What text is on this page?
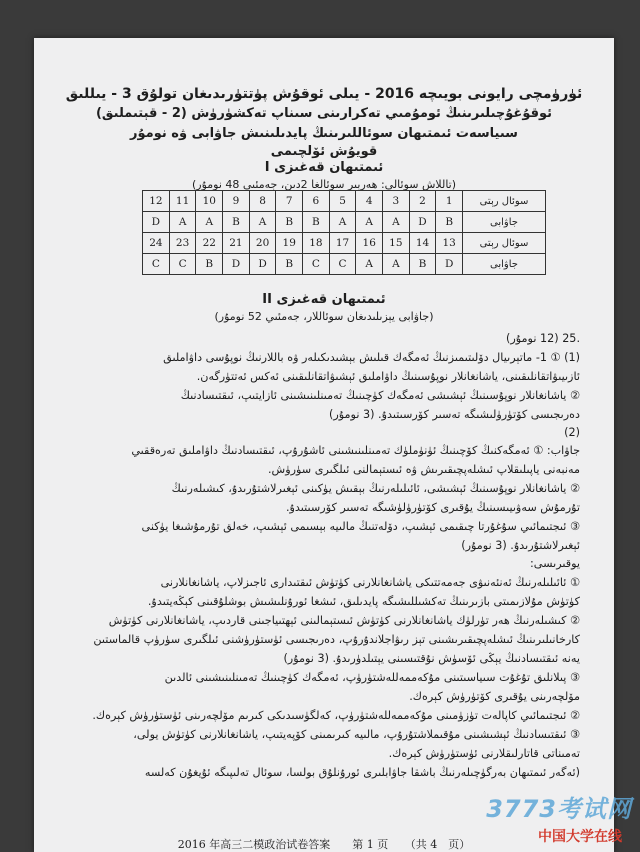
ئۈرۈمچى رايونى بويىچە 2016 - يىلى ئوقۇش پۈتتۈرىدىغان تولۇق 3 - يىللىق
ئوقۇغۇچىلىرىنىڭ ئومۇمىي تەكرارىنى سىناپ تەكشۈرۈش (2 - قېتىملىق)
سىياسەت ئىمتىھان سوئاللىرىنىڭ پايدىلىنىش جاۋابى ۋە نومۇر
قويۇش ئۆلچىمى
I ئىمتىھان قەغىزى
(تاللاش سوئالى: ھەربىر سوئالغا 2دىن، جەمئىي 48 نومۇر)
سوئال رېتى	1	2	3	4	5	6	7	8	9	10	11	12
جاۋابى	B	D	A	A	A	B	B	A	B	A	A	D
سوئال رېتى	13	14	15	16	17	18	19	20	21	22	23	24
جاۋابى	D	B	A	A	C	C	B	D	D	B	C	C
II ئىمتىھان قەغىزى
(جاۋابى يېزىلىدىغان سوئاللار، جەمئىي 52 نومۇر)
.25 (12 نومۇر)
(1) ① 1- ماتېرىيال دۆلىتىمىزنىڭ ئەمگەك قىلىش بېشىدىكىلەر ۋە باللارنىڭ نوپۇسى داۋاملىق
ئازىيىۋاتقانلىقىنى، ياشانغانلار نوپۇسىنىڭ داۋاملىق ئېشىۋاتقانلىقىنى ئەكس ئەتتۈرگەن.
② ياشانغانلار نوپۇسىنىڭ ئېشىشى ئەمگەك كۈچىنىڭ تەمىنلىنىشىنى ئازايتىپ، ئىقتىسادنىڭ
دەرىجىسى كۆتۈرۈلىشىگە تەسىر كۆرسىتىدۇ. (3 نومۇر)
(2)
جاۋاب: ① ئەمگەكنىڭ كۆچىنىڭ ئۈنۈملۈك تەمىنلىنىشىنى ئاشۇرۇپ، ئىقتىسادنىڭ داۋاملىق تەرەققىي
مەنبەنى ياپىلىقلاپ ئىشلەپچىقىرىش ۋە ئىستېمالنى ئىلگىرى سۈرۈش.
② ياشانغانلار نوپۇسىنىڭ ئېشىشى، ئائىلىلەرنىڭ بېقىش يۈكىنى ئېغىرلاشتۇرىدۇ، كىشىلەرنىڭ
تۇرمۇش سەۋىيىسىنىڭ يۇقىرى كۆتۈرۈلۈشىگە تەسىر كۆرسىتىدۇ.
③ ئىجتىمائىي سۇغۇرتا چىقىمى ئېشىپ، دۆلەتنىڭ مالىيە بېسىمى ئېشىپ، خەلق تۇرمۇشىغا يۈكنى
ئېغىرلاشتۇرىدۇ. (3 نومۇر)
يوقىرىسى:
① ئائىلىلەرنىڭ ئەنئەنىۋى جەمەتتىكى ياشانغانلارنى كۈتۈش ئىقتىدارى ئاجىزلاپ، ياشانغانلارنى
كۈتۈش مۇلازىمىتى بازىرىنىڭ تەكشىللىشىگە پايدىلىق، ئىشغا ئورۇنلىشىش بوشلۇقىنى كېڭەيتىدۇ.
② كىشىلەرنىڭ ھەر تۈرلۈك ياشانغانلارنى كۈتۈش ئىستېمالىنى ئېھتىياجىنى قاردىپ، ياشانغانلارنى كۈتۈش
كارخانىلىرىنىڭ ئىشلەپچىقىرىشىنى تېز رىۋاجلاندۇرۇپ، دەرىجىسى ئۈستۈرۈشنى ئىلگىرى سۈرۈپ قالماستىن
يەنە ئىقتىسادنىڭ يېڭى ئۆسۈش نۇقتىسىنى يېتىلدۈرىدۇ. (3 نومۇر)
③ پىلانلىق تۇغۇت سىياسىتىنى مۇكەممەللەشتۈرۈپ، ئەمگەك كۈچىنىڭ تەمىنلىنىشىنى ئالدىن
مۆلچەرىنى يۇقىرى كۆتۈرۈش كېرەك.
② ئىجتىمائىي كاپالەت تۈزۈمىنى مۇكەممەللەشتۈرۈپ، كەلگۈسىدىكى كىرىم مۆلچەرىنى ئۈستۈرۈش كېرەك.
③ ئىقتىسادنىڭ ئېشىشىنى مۇقىملاشتۇرۇپ، مالىيە كىرىمىنى كۆپەيتىپ، ياشانغانلارنى كۈتۈش يولى،
تەمىناتى قاتارلىقلارنى ئۈستۈرۈش كېرەك.
(ئەگەر ئىمتىھان بەرگۈچىلەرنىڭ باشقا جاۋابلىرى ئورۇنلۇق بولسا، سوئال تەلىپىگە ئۇيغۇن كەلسە
2016 年高三二模政治试卷答案　　第 1 页　　（共 4　页）
3773考试网
中国大学在线
